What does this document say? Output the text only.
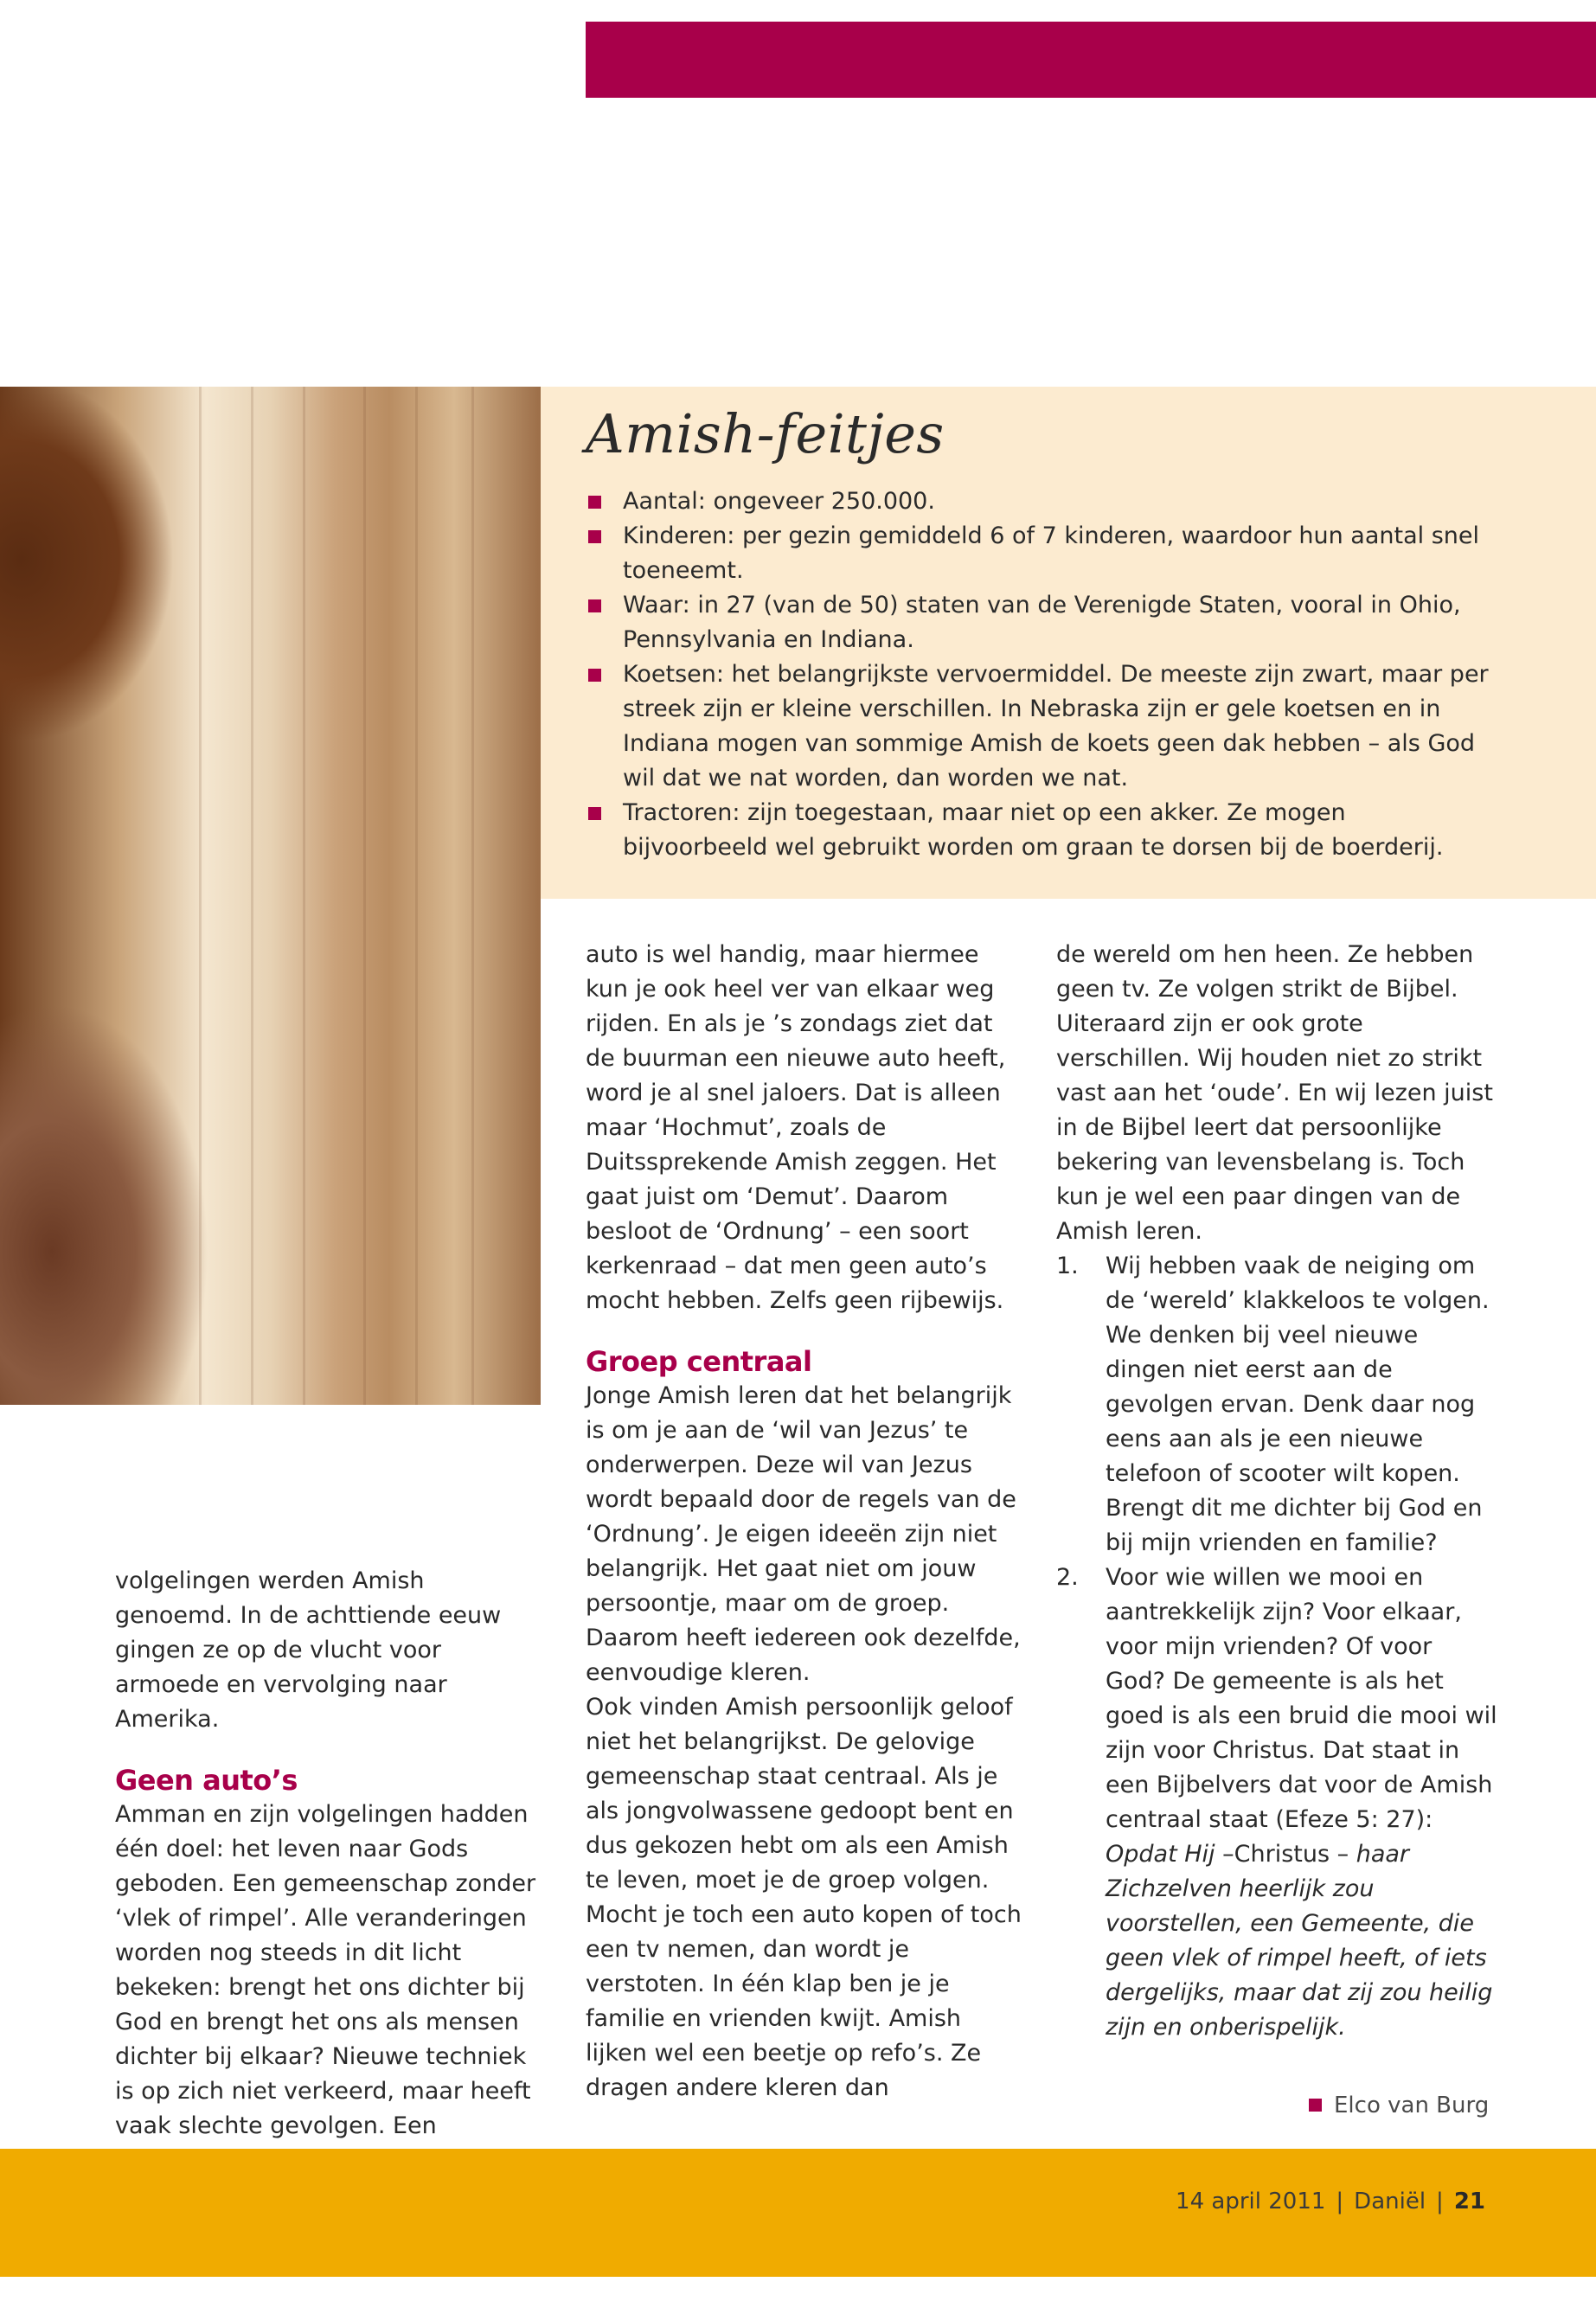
Amish-feitjes
Aantal: ongeveer 250.000.
Kinderen: per gezin gemiddeld 6 of 7 kinderen, waardoor hun aantal snel toeneemt.
Waar: in 27 (van de 50) staten van de Verenigde Staten, vooral in Ohio, Pennsylvania en Indiana.
Koetsen: het belangrijkste vervoermiddel. De meeste zijn zwart, maar per streek zijn er kleine verschillen. In Nebraska zijn er gele koetsen en in Indiana mogen van sommige Amish de koets geen dak hebben – als God wil dat we nat worden, dan worden we nat.
Tractoren: zijn toegestaan, maar niet op een akker. Ze mogen bijvoorbeeld wel gebruikt worden om graan te dorsen bij de boerderij.

volgelingen werden Amish genoemd. In de achttiende eeuw gingen ze op de vlucht voor armoede en vervolging naar Amerika.

Geen auto’s

Amman en zijn volgelingen hadden één doel: het leven naar Gods geboden. Een gemeenschap zonder ‘vlek of rimpel’. Alle veranderingen worden nog steeds in dit licht bekeken: brengt het ons dichter bij God en brengt het ons als mensen dichter bij elkaar? Nieuwe techniek is op zich niet verkeerd, maar heeft vaak slechte gevolgen. Een

auto is wel handig, maar hiermee kun je ook heel ver van elkaar weg rijden. En als je ’s zondags ziet dat de buurman een nieuwe auto heeft, word je al snel jaloers. Dat is alleen maar ‘Hochmut’, zoals de Duitssprekende Amish zeggen. Het gaat juist om ‘Demut’. Daarom besloot de ‘Ordnung’ – een soort kerkenraad – dat men geen auto’s mocht hebben. Zelfs geen rijbewijs.

Groep centraal

Jonge Amish leren dat het belangrijk is om je aan de ‘wil van Jezus’ te onderwerpen. Deze wil van Jezus wordt bepaald door de regels van de ‘Ordnung’. Je eigen ideeën zijn niet belangrijk. Het gaat niet om jouw persoontje, maar om de groep. Daarom heeft iedereen ook dezelfde, eenvoudige kleren.

Ook vinden Amish persoonlijk geloof niet het belangrijkst. De gelovige gemeenschap staat centraal. Als je als jongvolwassene gedoopt bent en dus gekozen hebt om als een Amish te leven, moet je de groep volgen. Mocht je toch een auto kopen of toch een tv nemen, dan wordt je verstoten. In één klap ben je je familie en vrienden kwijt. Amish lijken wel een beetje op refo’s. Ze dragen andere kleren dan

de wereld om hen heen. Ze hebben geen tv. Ze volgen strikt de Bijbel. Uiteraard zijn er ook grote verschillen. Wij houden niet zo strikt vast aan het ‘oude’. En wij lezen juist in de Bijbel leert dat persoonlijke bekering van levensbelang is. Toch kun je wel een paar dingen van de Amish leren.

1. Wij hebben vaak de neiging om de ‘wereld’ klakkeloos te volgen. We denken bij veel nieuwe dingen niet eerst aan de gevolgen ervan. Denk daar nog eens aan als je een nieuwe telefoon of scooter wilt kopen. Brengt dit me dichter bij God en bij mijn vrienden en familie?
2. Voor wie willen we mooi en aantrekkelijk zijn? Voor elkaar, voor mijn vrienden? Of voor God? De gemeente is als het goed is als een bruid die mooi wil zijn voor Christus. Dat staat in een Bijbelvers dat voor de Amish centraal staat (Efeze 5: 27): Opdat Hij –Christus – haar Zichzelven heerlijk zou voorstellen, een Gemeente, die geen vlek of rimpel heeft, of iets dergelijks, maar dat zij zou heilig zijn en onberispelijk.
Elco van Burg
14 april 2011 | Daniël | 21
